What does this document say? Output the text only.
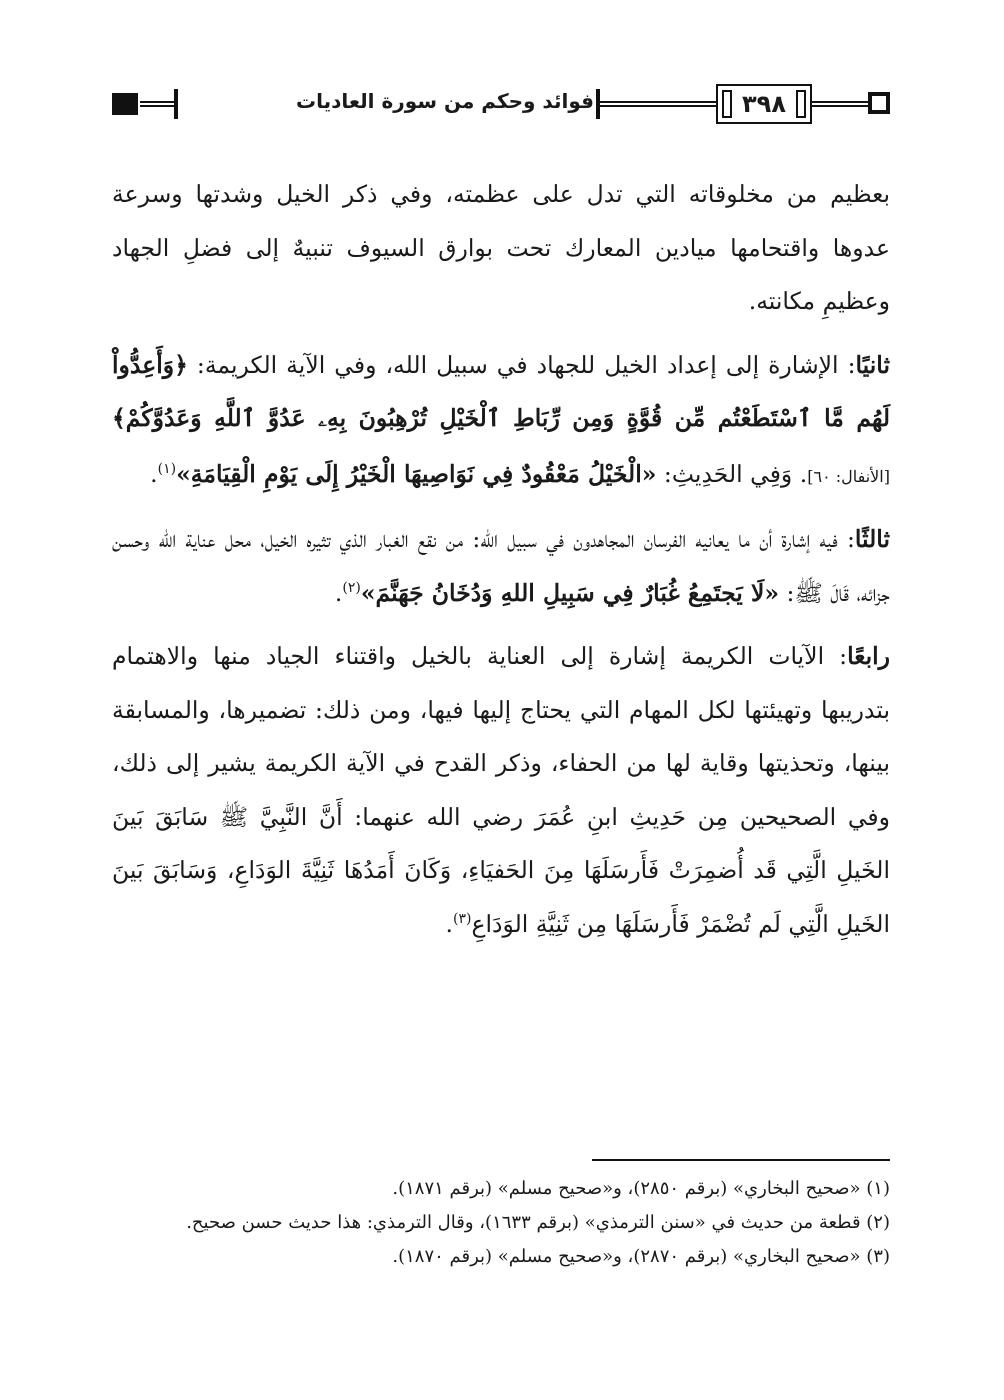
٣٩٨
فوائد وحكم من سورة العاديات

بعظيم من مخلوقاته التي تدل على عظمته، وفي ذكر الخيل وشدتها وسرعة عدوها واقتحامها ميادين المعارك تحت بوارق السيوف تنبيهٌ إلى فضلِ الجهاد وعظيمِ مكانته.

ثانيًا: الإشارة إلى إعداد الخيل للجهاد في سبيل الله، وفي الآية الكريمة: ﴿وَأَعِدُّواْ لَهُم مَّا ٱسْتَطَعْتُم مِّن قُوَّةٍ وَمِن رِّبَاطِ ٱلْخَيْلِ تُرْهِبُونَ بِهِۦ عَدُوَّ ٱللَّهِ وَعَدُوَّكُمْ﴾ [الأنفال: ٦٠]. وَفِي الحَدِيثِ: «الْخَيْلُ مَعْقُودٌ فِي نَوَاصِيهَا الْخَيْرُ إِلَى يَوْمِ الْقِيَامَةِ»$^{(١)}$.

ثالثًا: فيه إشارة أن ما يعانيه الفرسان المجاهدون في سبيل الله: من نقع الغبار الذي تثيره الخيل، محل عناية الله وحسن جزائه، قَالَ ﷺ: «لَا يَجتَمِعُ غُبَارٌ فِي سَبِيلِ اللهِ وَدُخَانُ جَهَنَّمَ»$^{(٢)}$.

رابعًا: الآيات الكريمة إشارة إلى العناية بالخيل واقتناء الجياد منها والاهتمام بتدريبها وتهيئتها لكل المهام التي يحتاج إليها فيها، ومن ذلك: تضميرها، والمسابقة بينها، وتحذيتها وقاية لها من الحفاء، وذكر القدح في الآية الكريمة يشير إلى ذلك، وفي الصحيحين مِن حَدِيثِ ابنِ عُمَرَ رضي الله عنهما: أَنَّ النَّبِيَّ ﷺ سَابَقَ بَينَ الخَيلِ الَّتِي قَد أُضمِرَتْ فَأَرسَلَهَا مِنَ الحَفيَاءِ، وَكَانَ أَمَدُهَا ثَنِيَّةَ الوَدَاعِ، وَسَابَقَ بَينَ الخَيلِ الَّتِي لَم تُضْمَرْ فَأَرسَلَهَا مِن ثَنِيَّةِ الوَدَاعِ$^{(٣)}$.

(١) «صحيح البخاري» (برقم ٢٨٥٠)، و«صحيح مسلم» (برقم ١٨٧١).

(٢) قطعة من حديث في «سنن الترمذي» (برقم ١٦٣٣)، وقال الترمذي: هذا حديث حسن صحيح.

(٣) «صحيح البخاري» (برقم ٢٨٧٠)، و«صحيح مسلم» (برقم ١٨٧٠).
